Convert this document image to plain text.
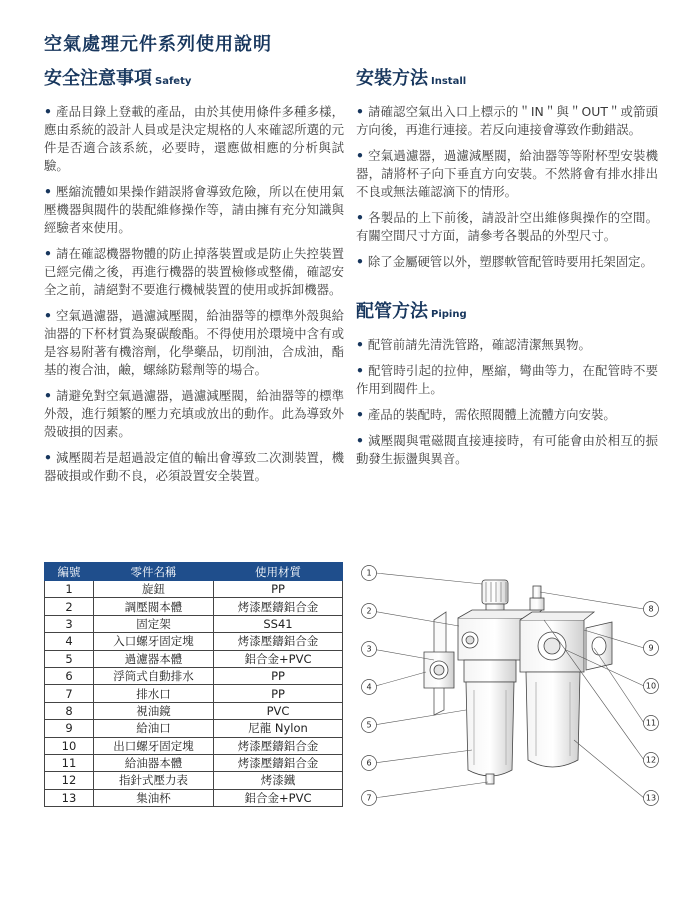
空氣處理元件系列使用說明
安全注意事項 Safety

• 產品目錄上登載的產品，由於其使用條件多種多樣，應由系統的設計人員或是決定規格的人來確認所選的元件是否適合該系統，必要時，還應做相應的分析與試驗。

• 壓縮流體如果操作錯誤將會導致危險，所以在使用氣壓機器與閥件的裝配維修操作等，請由擁有充分知識與經驗者來使用。

• 請在確認機器物體的防止掉落裝置或是防止失控裝置已經完備之後，再進行機器的裝置檢修或整備，確認安全之前，請絕對不要進行機械裝置的使用或拆卸機器。

• 空氣過濾器，過濾減壓閥，給油器等的標準外殼與給油器的下杯材質為聚碳酸酯。不得使用於環境中含有或是容易附著有機溶劑，化學藥品，切削油，合成油，酯基的複合油，鹼，螺絲防鬆劑等的場合。

• 請避免對空氣過濾器，過濾減壓閥，給油器等的標準外殼，進行頻繁的壓力充填或放出的動作。此為導致外殼破損的因素。

• 減壓閥若是超過設定值的輸出會導致二次測裝置，機器破損或作動不良，必須設置安全裝置。

安裝方法 Install

• 請確認空氣出入口上標示的＂IN＂與＂OUT＂或箭頭方向後，再進行連接。若反向連接會導致作動錯誤。

• 空氣過濾器，過濾減壓閥，給油器等等附杯型安裝機器，請將杯子向下垂直方向安裝。不然將會有排水排出不良或無法確認滴下的情形。

• 各製品的上下前後，請設計空出維修與操作的空間。有關空間尺寸方面，請參考各製品的外型尺寸。

• 除了金屬硬管以外，塑膠軟管配管時要用托架固定。

配管方法 Piping

• 配管前請先清洗管路，確認清潔無異物。

• 配管時引起的拉伸，壓縮，彎曲等力，在配管時不要作用到閥件上。

• 產品的裝配時，需依照閥體上流體方向安裝。

• 減壓閥與電磁閥直接連接時，有可能會由於相互的振動發生振盪與異音。

編號	零件名稱	使用材質
1	旋鈕	PP
2	調壓閥本體	烤漆壓鑄鋁合金
3	固定架	SS41
4	入口螺牙固定塊	烤漆壓鑄鋁合金
5	過濾器本體	鋁合金+PVC
6	浮筒式自動排水	PP
7	排水口	PP
8	視油鏡	PVC
9	給油口	尼龍 Nylon
10	出口螺牙固定塊	烤漆壓鑄鋁合金
11	給油器本體	烤漆壓鑄鋁合金
12	指針式壓力表	烤漆鐵
13	集油杯	鋁合金+PVC
1
2
3
4
5
6
7
8
9
10
11
12
13
